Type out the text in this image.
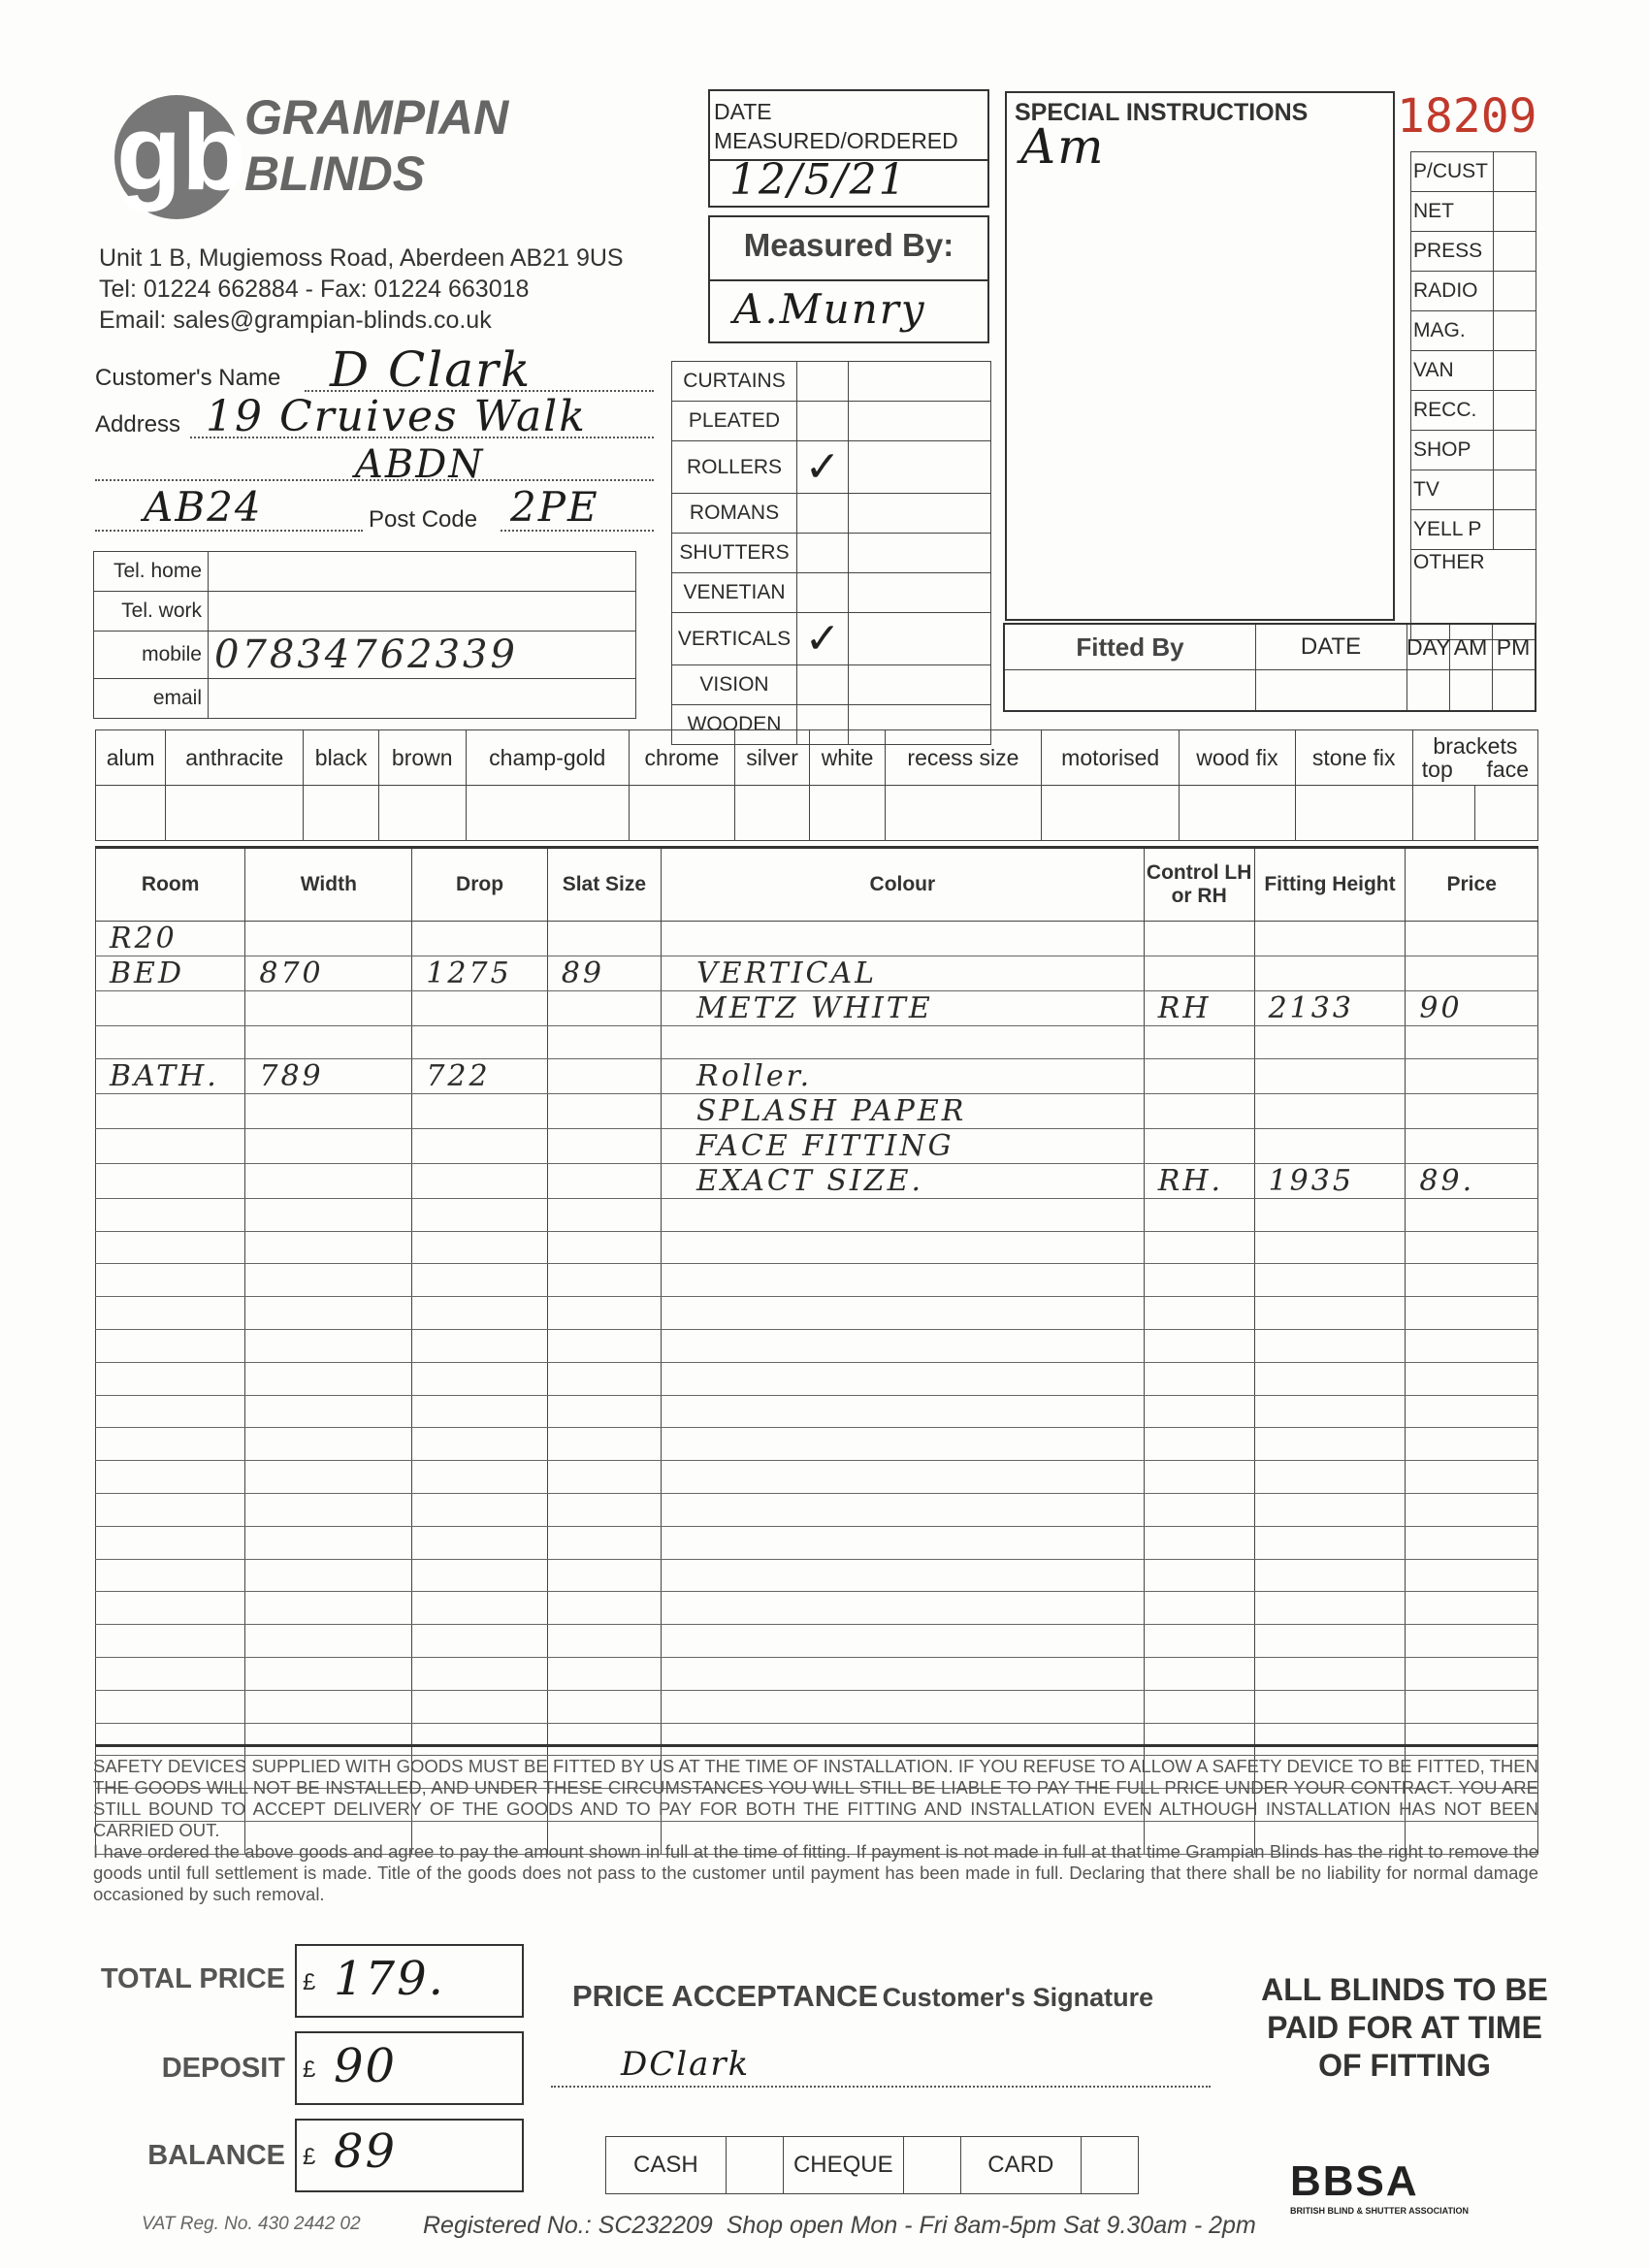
gb
GRAMPIAN
BLINDS
Unit 1 B, Mugiemoss Road, Aberdeen AB21 9US
Tel: 01224 662884 - Fax: 01224 663018
Email: sales@grampian-blinds.co.uk
DATE MEASURED/ORDERED
12/5/21
Measured By:
A.Munry
SPECIAL INSTRUCTIONS
Am
18209
P/CUST	
NET	
PRESS	
RADIO	
MAG.	
VAN	
RECC.	
SHOP	
TV	
YELL P	
OTHER	
Fitted By	DATE	DAY AM PM
Customer's Name D Clark
Address 19 Cruives Walk
ABDN
AB24	Post Code 2PE
Tel. home	
Tel. work	
mobile	07834762339
email	
CURTAINS		
PLEATED		
ROLLERS	✓	
ROMANS		
SHUTTERS		
VENETIAN		
VERTICALS	✓	
VISION		
WOODEN		
alum	anthracite	black	brown	champ-gold	chrome	silver	white	recess size	motorised	wood fix	stone fix	brackets
top face	

Room	Width	Drop	Slat Size	Colour	Control LH or RH	Fitting Height	Price
R20							
BED	870	1275	89	VERTICAL			
				METZ WHITE	RH	2133	90

BATH.	789	722		Roller.			
				SPLASH PAPER			
				FACE FITTING			
				EXACT SIZE.	RH.	1935	89.

SAFETY DEVICES SUPPLIED WITH GOODS MUST BE FITTED BY US AT THE TIME OF INSTALLATION. IF YOU REFUSE TO ALLOW A SAFETY DEVICE TO BE FITTED, THEN THE GOODS WILL NOT BE INSTALLED, AND UNDER THESE CIRCUMSTANCES YOU WILL STILL BE LIABLE TO PAY THE FULL PRICE UNDER YOUR CONTRACT. YOU ARE STILL BOUND TO ACCEPT DELIVERY OF THE GOODS AND TO PAY FOR BOTH THE FITTING AND INSTALLATION EVEN ALTHOUGH INSTALLATION HAS NOT BEEN CARRIED OUT.
I have ordered the above goods and agree to pay the amount shown in full at the time of fitting. If payment is not made in full at that time Grampian Blinds has the right to remove the goods until full settlement is made. Title of the goods does not pass to the customer until payment has been made in full. Declaring that there shall be no liability for normal damage occasioned by such removal.
TOTAL PRICE £ 179.
DEPOSIT £ 90
BALANCE £ 89
PRICE ACCEPTANCE Customer's Signature
DClark
CASH		CHEQUE		CARD	
ALL BLINDS TO BE PAID FOR AT TIME OF FITTING
BBSA
BRITISH BLIND & SHUTTER ASSOCIATION
VAT Reg. No. 430 2442 02	Registered No.: SC232209 Shop open Mon - Fri 8am-5pm Sat 9.30am - 2pm
